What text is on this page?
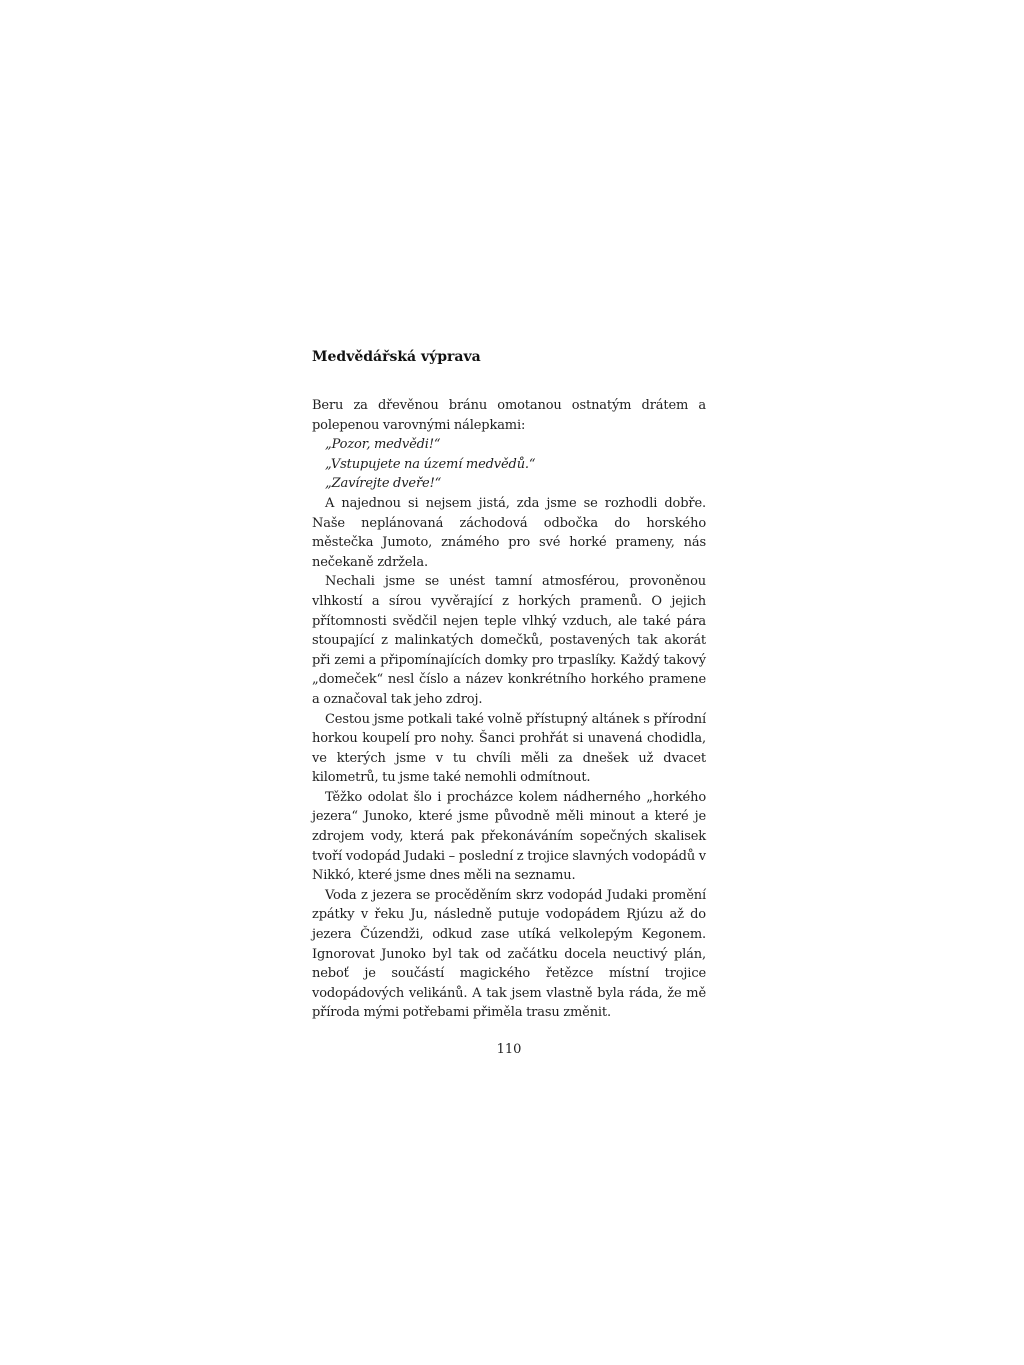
Medvědářská výprava

Beru za dřevěnou bránu omotanou ostnatým drátem a polepenou varovnými nálepkami:

„Pozor, medvědi!“

„Vstupujete na území medvědů.“

„Zavírejte dveře!“

A najednou si nejsem jistá, zda jsme se rozhodli dobře. Naše neplánovaná záchodová odbočka do horského městečka Jumoto, známého pro své horké prameny, nás nečekaně zdržela.

Nechali jsme se unést tamní atmosférou, provoněnou vlhkostí a sírou vyvěrající z horkých pramenů. O jejich přítomnosti svědčil nejen teple vlhký vzduch, ale také pára stoupající z malinkatých domečků, postavených tak akorát při zemi a připomínajících domky pro trpaslíky. Každý takový „domeček“ nesl číslo a název konkrétního horkého pramene a označoval tak jeho zdroj.

Cestou jsme potkali také volně přístupný altánek s přírodní horkou koupelí pro nohy. Šanci prohřát si unavená chodidla, ve kterých jsme v tu chvíli měli za dnešek už dvacet kilometrů, tu jsme také nemohli odmítnout.

Těžko odolat šlo i procházce kolem nádherného „horkého jezera“ Junoko, které jsme původně měli minout a které je zdrojem vody, která pak překonáváním sopečných skalisek tvoří vodopád Judaki – poslední z trojice slavných vodopádů v Nikkó, které jsme dnes měli na seznamu.

Voda z jezera se procěděním skrz vodopád Judaki promění zpátky v řeku Ju, následně putuje vodopádem Rjúzu až do jezera Čúzendži, odkud zase utíká velkolepým Kegonem. Ignorovat Junoko byl tak od začátku docela neuctivý plán, neboť je součástí magického řetězce místní trojice vodopádových velikánů. A tak jsem vlastně byla ráda, že mě příroda mými potřebami přiměla trasu změnit.

110
